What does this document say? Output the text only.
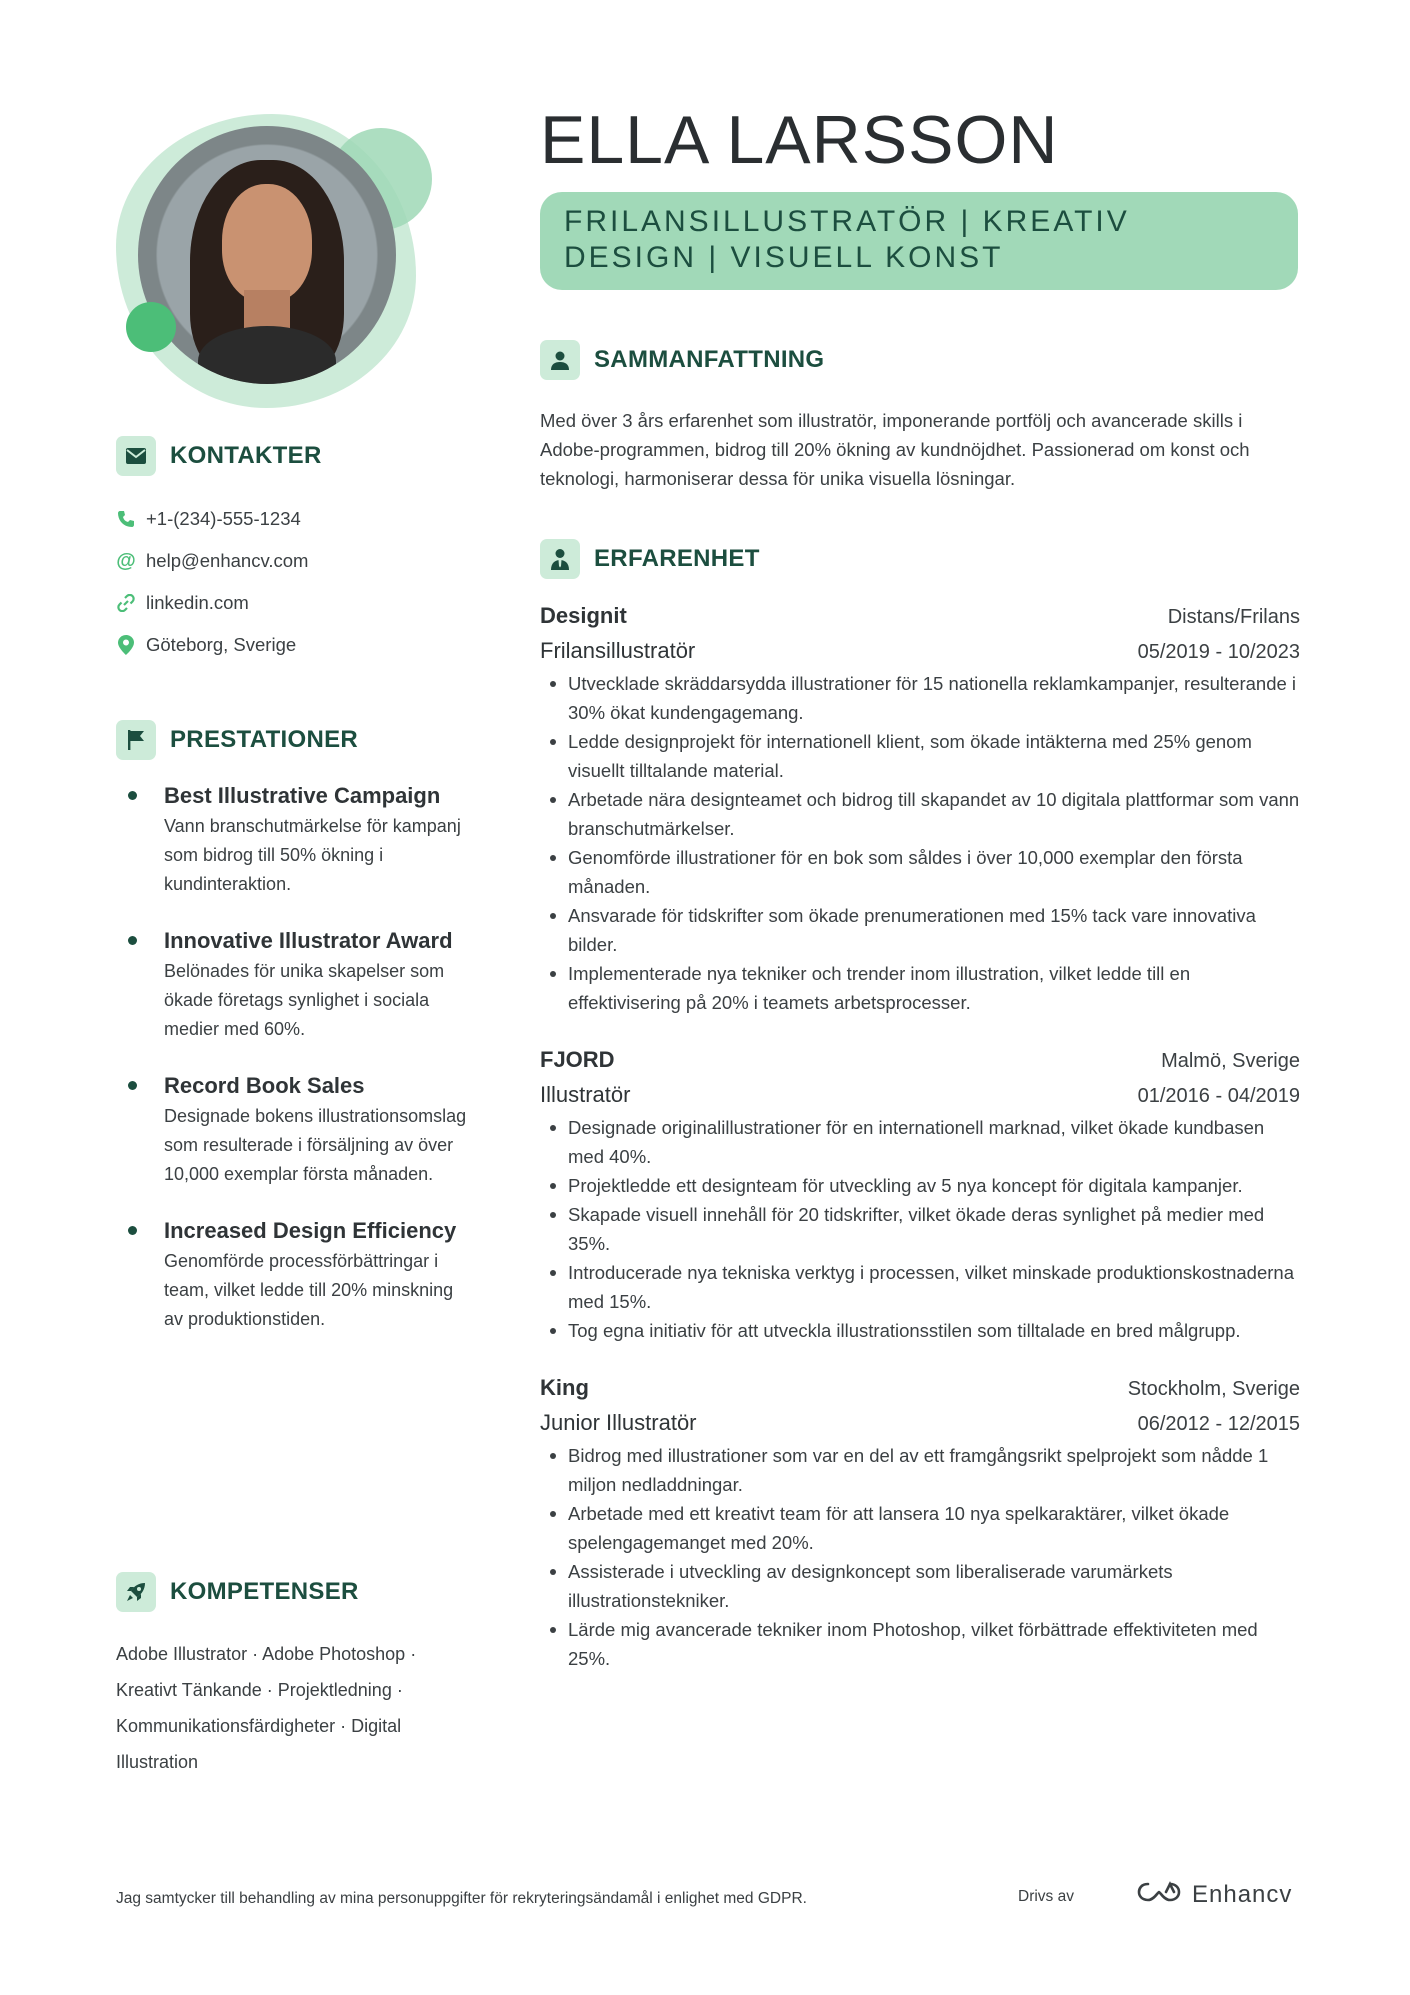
KONTAKTER
+1-(234)-555-1234
@ help@enhancv.com
linkedin.com
Göteborg, Sverige
PRESTATIONER
Best Illustrative Campaign
Vann branschutmärkelse för kampanj som bidrog till 50% ökning i kundinteraktion.
Innovative Illustrator Award
Belönades för unika skapelser som ökade företags synlighet i sociala medier med 60%.
Record Book Sales
Designade bokens illustrationsomslag som resulterade i försäljning av över 10,000 exemplar första månaden.
Increased Design Efficiency
Genomförde processförbättringar i team, vilket ledde till 20% minskning av produktionstiden.
KOMPETENSER
Adobe Illustrator · Adobe Photoshop · Kreativt Tänkande · Projektledning · Kommunikationsfärdigheter · Digital Illustration
ELLA LARSSON
FRILANSILLUSTRATÖR | KREATIV DESIGN | VISUELL KONST
SAMMANFATTNING
Med över 3 års erfarenhet som illustratör, imponerande portfölj och avancerade skills i Adobe-programmen, bidrog till 20% ökning av kundnöjdhet. Passionerad om konst och teknologi, harmoniserar dessa för unika visuella lösningar.
ERFARENHET
Designit	Distans/Frilans
Frilansillustratör	05/2019 - 10/2023
Utvecklade skräddarsydda illustrationer för 15 nationella reklamkampanjer, resulterande i 30% ökat kundengagemang.
Ledde designprojekt för internationell klient, som ökade intäkterna med 25% genom visuellt tilltalande material.
Arbetade nära designteamet och bidrog till skapandet av 10 digitala plattformar som vann branschutmärkelser.
Genomförde illustrationer för en bok som såldes i över 10,000 exemplar den första månaden.
Ansvarade för tidskrifter som ökade prenumerationen med 15% tack vare innovativa bilder.
Implementerade nya tekniker och trender inom illustration, vilket ledde till en effektivisering på 20% i teamets arbetsprocesser.
FJORD	Malmö, Sverige
Illustratör	01/2016 - 04/2019
Designade originalillustrationer för en internationell marknad, vilket ökade kundbasen med 40%.
Projektledde ett designteam för utveckling av 5 nya koncept för digitala kampanjer.
Skapade visuell innehåll för 20 tidskrifter, vilket ökade deras synlighet på medier med 35%.
Introducerade nya tekniska verktyg i processen, vilket minskade produktionskostnaderna med 15%.
Tog egna initiativ för att utveckla illustrationsstilen som tilltalade en bred målgrupp.
King	Stockholm, Sverige
Junior Illustratör	06/2012 - 12/2015
Bidrog med illustrationer som var en del av ett framgångsrikt spelprojekt som nådde 1 miljon nedladdningar.
Arbetade med ett kreativt team för att lansera 10 nya spelkaraktärer, vilket ökade spelengagemanget med 20%.
Assisterade i utveckling av designkoncept som liberaliserade varumärkets illustrationstekniker.
Lärde mig avancerade tekniker inom Photoshop, vilket förbättrade effektiviteten med 25%.
Jag samtycker till behandling av mina personuppgifter för rekryteringsändamål i enlighet med GDPR.	Drivs av	Enhancv
